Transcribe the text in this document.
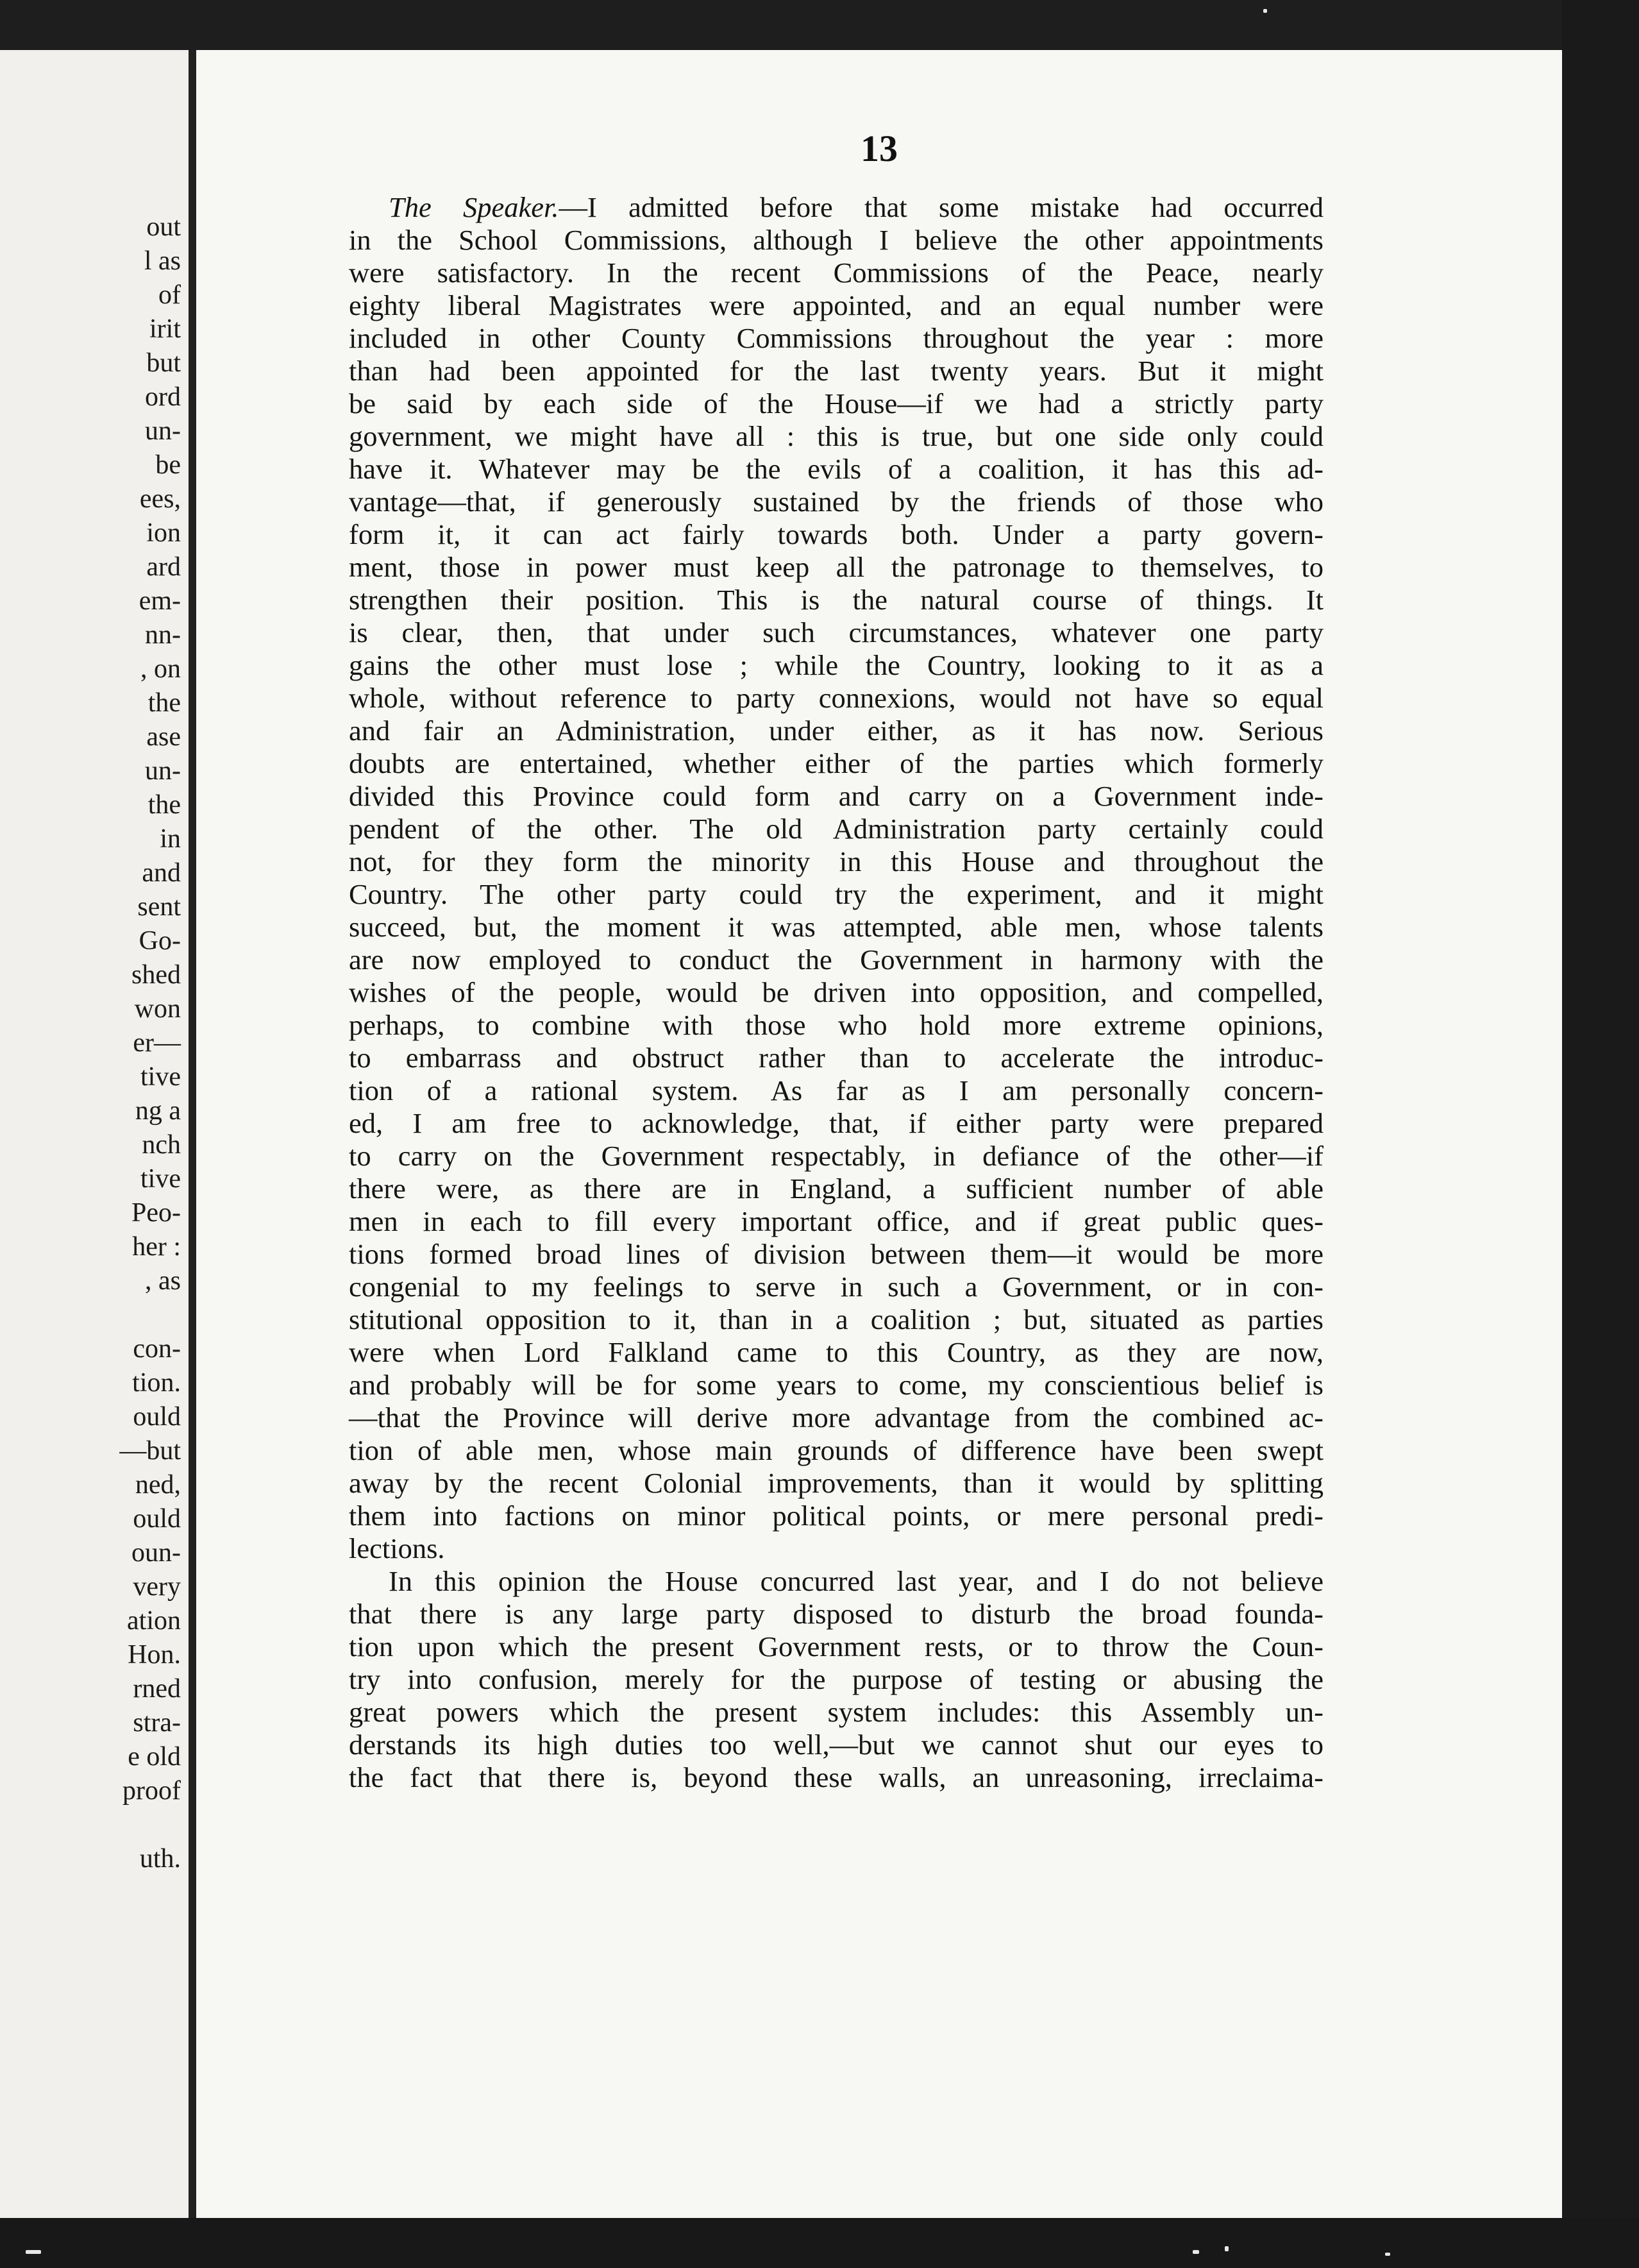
out
l as
of
irit
but
ord
un-
be
ees,
ion
ard
em-
nn-
, on
the
ase
un-
the
in
and
sent
Go-
shed
won
er—
tive
ng a
nch
tive
Peo-
her :
, as
con-
tion.
ould
—but
ned,
ould
oun-
very
ation
Hon.
rned
stra-
e old
proof
uth.
13
The Speaker.—I admitted before that some mistake had occurred
in the School Commissions, although I believe the other appointments
were satisfactory. In the recent Commissions of the Peace, nearly
eighty liberal Magistrates were appointed, and an equal number were
included in other County Commissions throughout the year : more
than had been appointed for the last twenty years. But it might
be said by each side of the House—if we had a strictly party
government, we might have all : this is true, but one side only could
have it. Whatever may be the evils of a coalition, it has this ad-
vantage—that, if generously sustained by the friends of those who
form it, it can act fairly towards both. Under a party govern-
ment, those in power must keep all the patronage to themselves, to
strengthen their position. This is the natural course of things. It
is clear, then, that under such circumstances, whatever one party
gains the other must lose ; while the Country, looking to it as a
whole, without reference to party connexions, would not have so equal
and fair an Administration, under either, as it has now. Serious
doubts are entertained, whether either of the parties which formerly
divided this Province could form and carry on a Government inde-
pendent of the other. The old Administration party certainly could
not, for they form the minority in this House and throughout the
Country. The other party could try the experiment, and it might
succeed, but, the moment it was attempted, able men, whose talents
are now employed to conduct the Government in harmony with the
wishes of the people, would be driven into opposition, and compelled,
perhaps, to combine with those who hold more extreme opinions,
to embarrass and obstruct rather than to accelerate the introduc-
tion of a rational system. As far as I am personally concern-
ed, I am free to acknowledge, that, if either party were prepared
to carry on the Government respectably, in defiance of the other—if
there were, as there are in England, a sufficient number of able
men in each to fill every important office, and if great public ques-
tions formed broad lines of division between them—it would be more
congenial to my feelings to serve in such a Government, or in con-
stitutional opposition to it, than in a coalition ; but, situated as parties
were when Lord Falkland came to this Country, as they are now,
and probably will be for some years to come, my conscientious belief is
—that the Province will derive more advantage from the combined ac-
tion of able men, whose main grounds of difference have been swept
away by the recent Colonial improvements, than it would by splitting
them into factions on minor political points, or mere personal predi-
lections.
In this opinion the House concurred last year, and I do not believe
that there is any large party disposed to disturb the broad founda-
tion upon which the present Government rests, or to throw the Coun-
try into confusion, merely for the purpose of testing or abusing the
great powers which the present system includes: this Assembly un-
derstands its high duties too well,—but we cannot shut our eyes to
the fact that there is, beyond these walls, an unreasoning, irreclaima-
